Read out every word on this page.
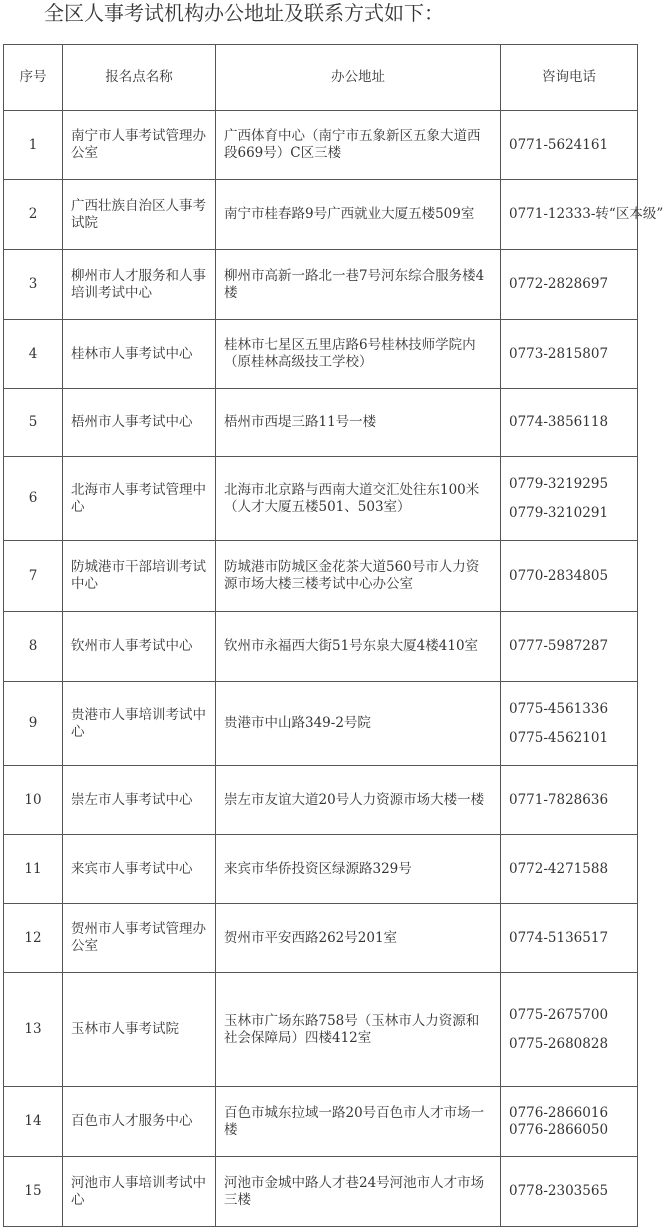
全区人事考试机构办公地址及联系方式如下：
序号	报名点名称	办公地址	咨询电话
1	南宁市人事考试管理办公室	广西体育中心（南宁市五象新区五象大道西段669号）C区三楼	0771-5624161

2	广西壮族自治区人事考试院	南宁市桂春路9号广西就业大厦五楼509室	0771-12333-转“区本级”

3	柳州市人才服务和人事培训考试中心	柳州市高新一路北一巷7号河东综合服务楼4楼	0772-2828697

4	桂林市人事考试中心	桂林市七星区五里店路6号桂林技师学院内（原桂林高级技工学校）	0773-2815807

5	梧州市人事考试中心	梧州市西堤三路11号一楼	0774-3856118

6	北海市人事考试管理中心	北海市北京路与西南大道交汇处往东100米（人才大厦五楼501、503室）	0779-3219295
0779-3210291

7	防城港市干部培训考试中心	防城港市防城区金花茶大道560号市人力资源市场大楼三楼考试中心办公室	0770-2834805

8	钦州市人事考试中心	钦州市永福西大街51号东泉大厦4楼410室	0777-5987287

9	贵港市人事培训考试中心	贵港市中山路349-2号院	0775-4561336
0775-4562101

10	崇左市人事考试中心	崇左市友谊大道20号人力资源市场大楼一楼	0771-7828636

11	来宾市人事考试中心	来宾市华侨投资区绿源路329号	0772-4271588

12	贺州市人事考试管理办公室	贺州市平安西路262号201室	0774-5136517

13	玉林市人事考试院	玉林市广场东路758号（玉林市人力资源和社会保障局）四楼412室	0775-2675700
0775-2680828

14	百色市人才服务中心	百色市城东拉域一路20号百色市人才市场一楼	0776-2866016
0776-2866050

15	河池市人事培训考试中心	河池市金城中路人才巷24号河池市人才市场三楼	0778-2303565
